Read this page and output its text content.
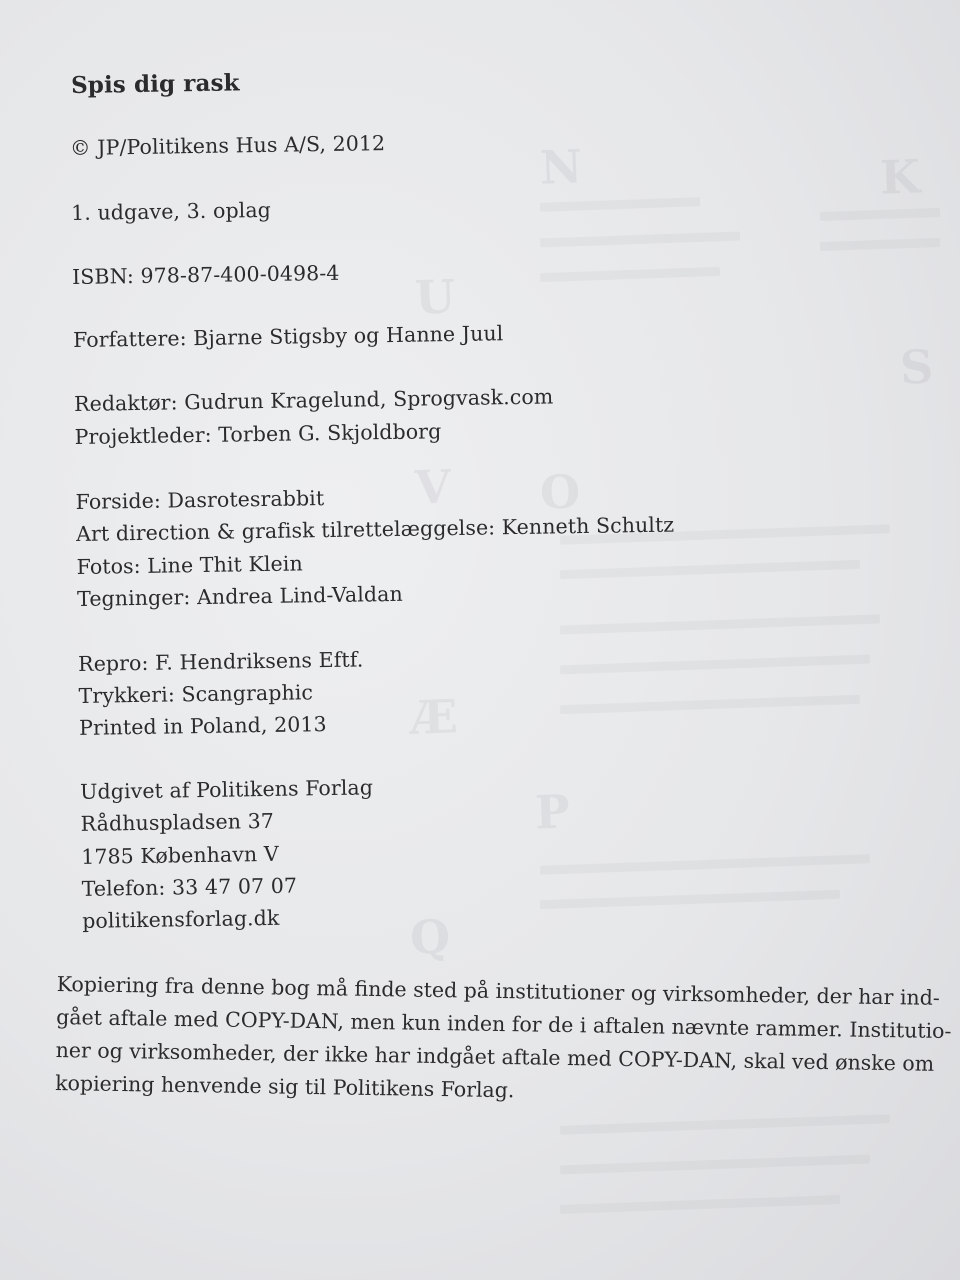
N	K
U
S
V O
Æ
P
Q
Spis dig rask
© JP/Politikens Hus A/S, 2012
1. udgave, 3. oplag
ISBN: 978-87-400-0498-4
Forfattere: Bjarne Stigsby og Hanne Juul
Redaktør: Gudrun Kragelund, Sprogvask.com
Projektleder: Torben G. Skjoldborg
Forside: Dasrotesrabbit
Art direction & grafisk tilrettelæggelse: Kenneth Schultz
Fotos: Line Thit Klein
Tegninger: Andrea Lind-Valdan
Repro: F. Hendriksens Eftf.
Trykkeri: Scangraphic
Printed in Poland, 2013
Udgivet af Politikens Forlag
Rådhuspladsen 37
1785 København V
Telefon: 33 47 07 07
politikensforlag.dk
Kopiering fra denne bog må finde sted på institutioner og virksomheder, der har ind-
gået aftale med COPY-DAN, men kun inden for de i aftalen nævnte rammer. Institutio-
ner og virksomheder, der ikke har indgået aftale med COPY-DAN, skal ved ønske om
kopiering henvende sig til Politikens Forlag.
